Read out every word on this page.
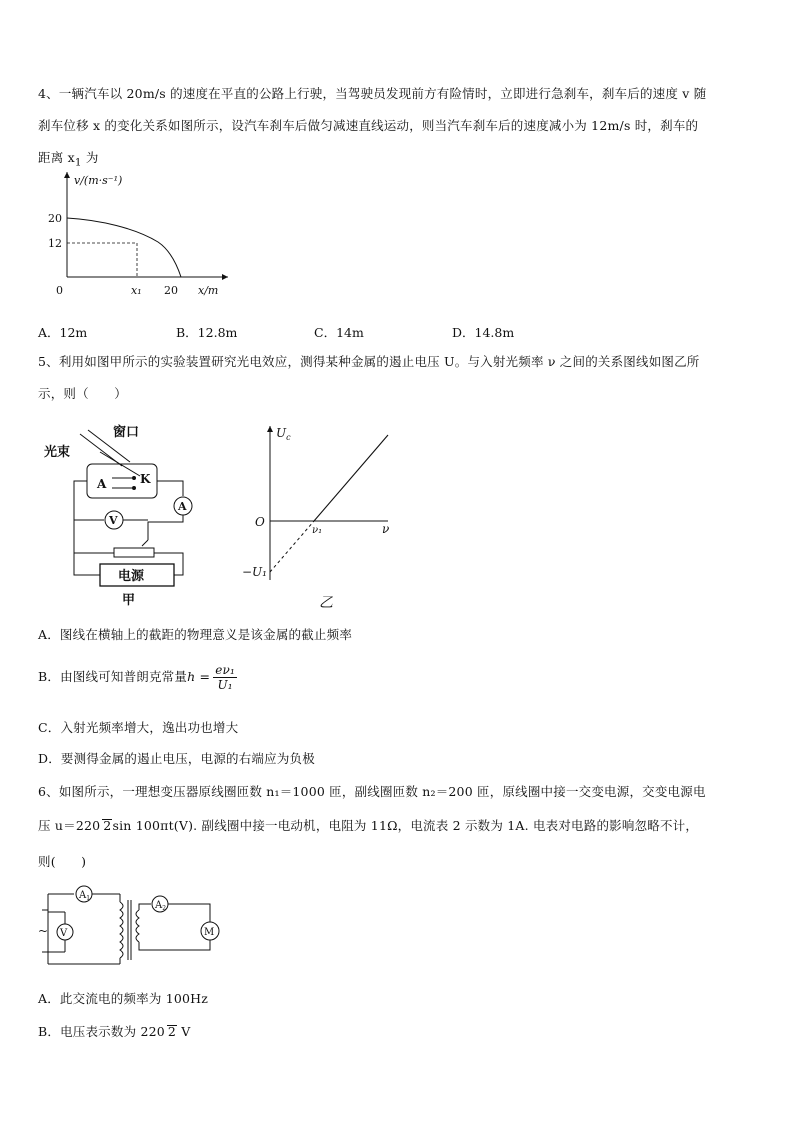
4、一辆汽车以 20m/s 的速度在平直的公路上行驶，当驾驶员发现前方有险情时，立即进行急刹车，刹车后的速度 v 随
刹车位移 x 的变化关系如图所示，设汽车刹车后做匀减速直线运动，则当汽车刹车后的速度减小为 12m/s 时，刹车的
距离 $x_1$ 为
v/(m·s⁻¹)
20
12
0	x₁ 20 x/m
A．12m	B．12.8m	C．14m	D．14.8m
5、利用如图甲所示的实验装置研究光电效应，测得某种金属的遏止电压 U。与入射光频率 ν 之间的关系图线如图乙所
示，则（　　）
光束
窗口
A	K
A
V
电源
甲
$U_c$
O
ν₁	ν
−U₁
乙
A．图线在横轴上的截距的物理意义是该金属的截止频率
B．由图线可知普朗克常量$h = \frac{\text{eν₁}}{\text{U₁}}$
C．入射光频率增大，逸出功也增大
D．要测得金属的遏止电压，电源的右端应为负极
6、如图所示，一理想变压器原线圈匝数 n₁＝1000 匝，副线圈匝数 n₂＝200 匝，原线圈中接一交变电源，交变电源电
压 u＝220 2sin 100πt(V). 副线圈中接一电动机，电阻为 11Ω，电流表 2 示数为 1A. 电表对电路的影响忽略不计，
则(　　)
$A_1$
$A_2$
M
~ V
A．此交流电的频率为 100Hz
B．电压表示数为 220 2 V
